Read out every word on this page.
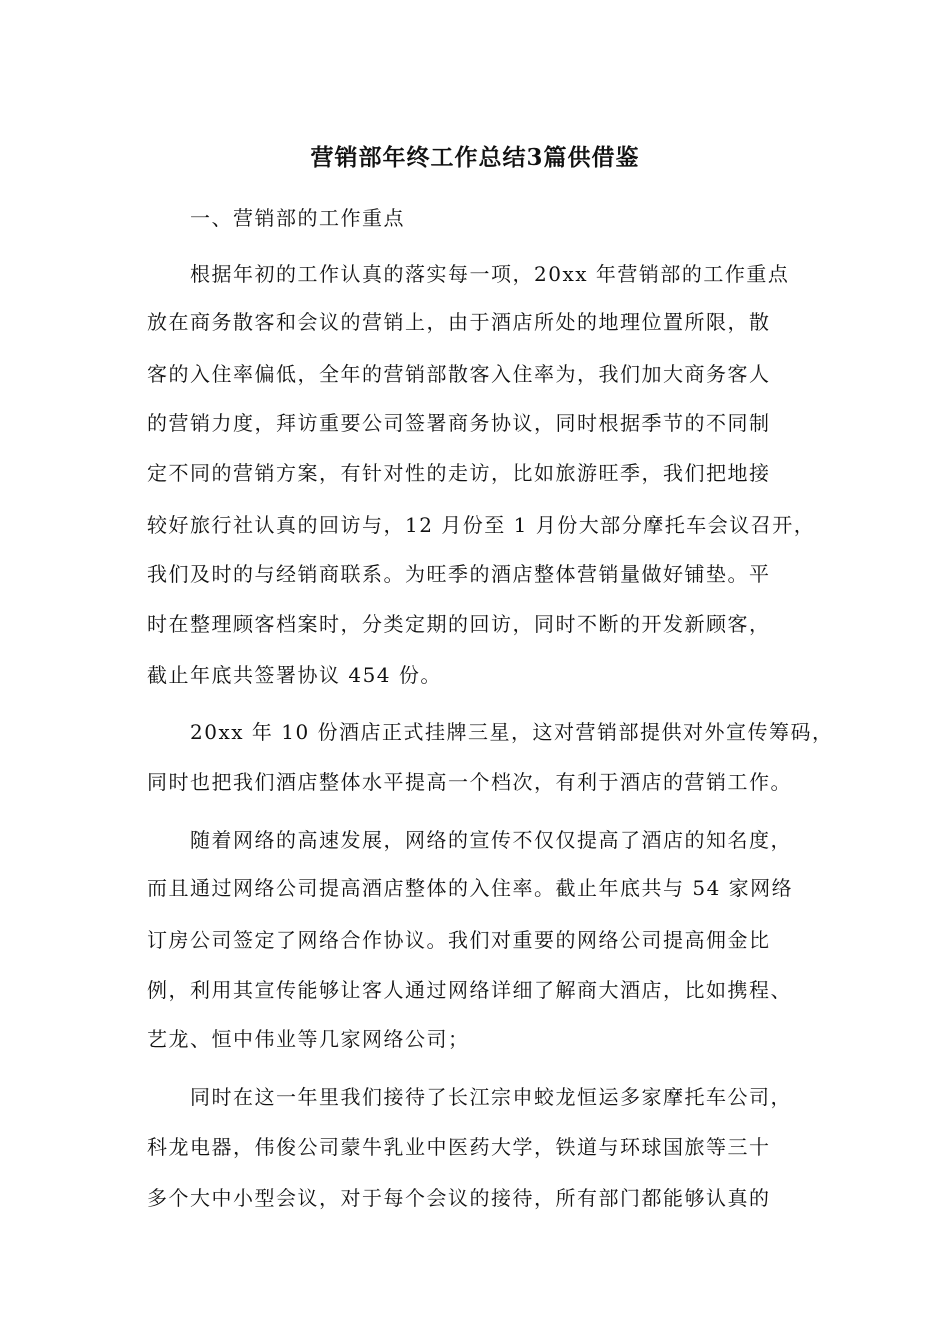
营销部年终工作总结3篇供借鉴
一、营销部的工作重点
根据年初的工作认真的落实每一项，20xx 年营销部的工作重点
放在商务散客和会议的营销上，由于酒店所处的地理位置所限，散
客的入住率偏低，全年的营销部散客入住率为，我们加大商务客人
的营销力度，拜访重要公司签署商务协议，同时根据季节的不同制
定不同的营销方案，有针对性的走访，比如旅游旺季，我们把地接
较好旅行社认真的回访与，12 月份至 1 月份大部分摩托车会议召开，
我们及时的与经销商联系。为旺季的酒店整体营销量做好铺垫。平
时在整理顾客档案时，分类定期的回访，同时不断的开发新顾客，
截止年底共签署协议 454 份。
20xx 年 10 份酒店正式挂牌三星，这对营销部提供对外宣传筹码，
同时也把我们酒店整体水平提高一个档次，有利于酒店的营销工作。
随着网络的高速发展，网络的宣传不仅仅提高了酒店的知名度，
而且通过网络公司提高酒店整体的入住率。截止年底共与 54 家网络
订房公司签定了网络合作协议。我们对重要的网络公司提高佣金比
例，利用其宣传能够让客人通过网络详细了解商大酒店，比如携程、
艺龙、恒中伟业等几家网络公司；
同时在这一年里我们接待了长江宗申蛟龙恒运多家摩托车公司，
科龙电器，伟俊公司蒙牛乳业中医药大学，铁道与环球国旅等三十
多个大中小型会议，对于每个会议的接待，所有部门都能够认真的
